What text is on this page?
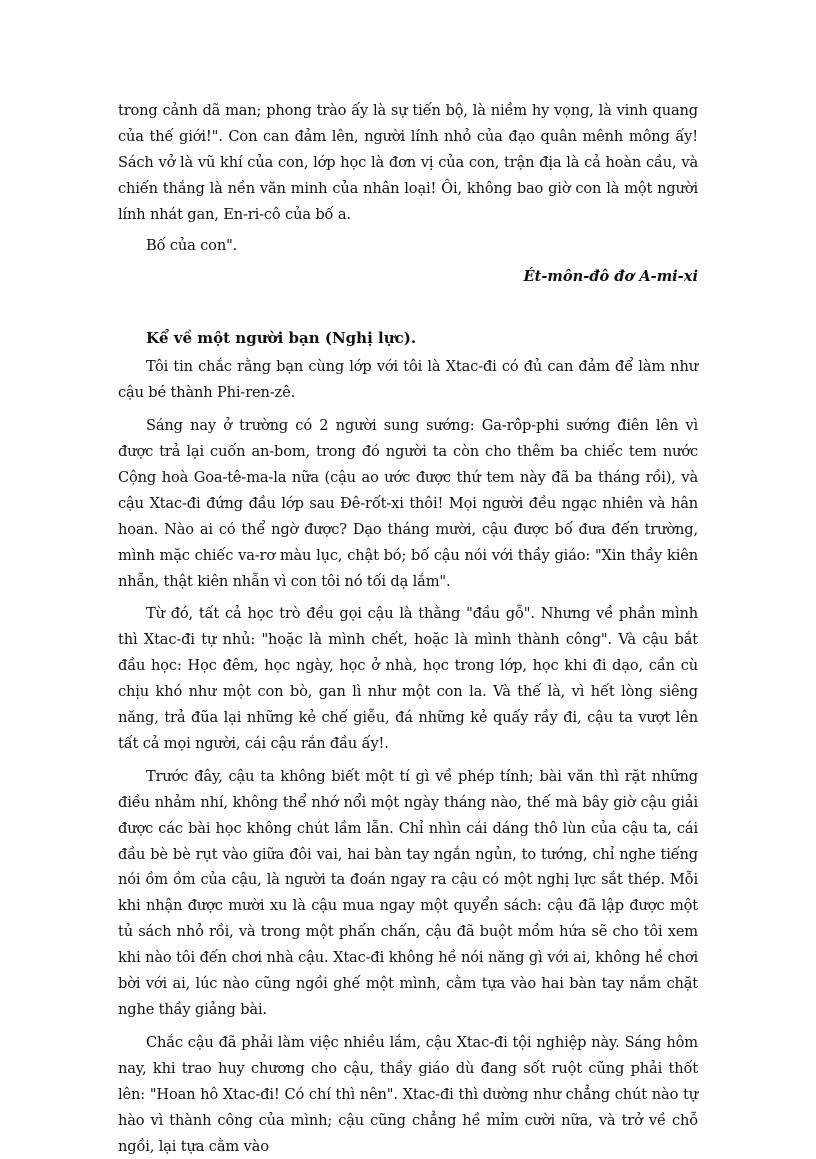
trong cảnh dã man; phong trào ấy là sự tiến bộ, là niềm hy vọng, là vinh quang của thế giới!". Con can đảm lên, người lính nhỏ của đạo quân mênh mông ấy! Sách vở là vũ khí của con, lớp học là đơn vị của con, trận địa là cả hoàn cầu, và chiến thắng là nền văn minh của nhân loại! Ôi, không bao giờ con là một người lính nhát gan, En-ri-cô của bố a.

Bố của con".

Ét-môn-đô đơ A-mi-xi
Kể về một người bạn (Nghị lực).

Tôi tin chắc rằng bạn cùng lớp với tôi là Xtac-đi có đủ can đảm để làm như cậu bé thành Phi-ren-zê.

Sáng nay ở trường có 2 người sung sướng: Ga-rôp-phi sướng điên lên vì được trả lại cuốn an-bom, trong đó người ta còn cho thêm ba chiếc tem nước Cộng hoà Goa-tê-ma-la nữa (cậu ao ước được thứ tem này đã ba tháng rồi), và cậu Xtac-đi đứng đầu lớp sau Đê-rốt-xi thôi! Mọi người đều ngạc nhiên và hân hoan. Nào ai có thể ngờ được? Dạo tháng mười, cậu được bố đưa đến trường, mình mặc chiếc va-rơ màu lục, chật bó; bố cậu nói với thầy giáo: "Xin thầy kiên nhẫn, thật kiên nhẫn vì con tôi nó tối dạ lắm".

Từ đó, tất cả học trò đều gọi cậu là thằng "đầu gỗ". Nhưng về phần mình thì Xtac-đi tự nhủ: "hoặc là mình chết, hoặc là mình thành công". Và cậu bắt đầu học: Học đêm, học ngày, học ở nhà, học trong lớp, học khi đi dạo, cần cù chịu khó như một con bò, gan lì như một con la. Và thế là, vì hết lòng siêng năng, trả đũa lại những kẻ chế giễu, đá những kẻ quấy rầy đi, cậu ta vượt lên tất cả mọi người, cái cậu rắn đầu ấy!.

Trước đây, cậu ta không biết một tí gì về phép tính; bài văn thì rặt những điều nhảm nhí, không thể nhớ nổi một ngày tháng nào, thế mà bây giờ cậu giải được các bài học không chút lầm lẫn. Chỉ nhìn cái dáng thô lùn của cậu ta, cái đầu bè bè rụt vào giữa đôi vai, hai bàn tay ngắn ngủn, to tướng, chỉ nghe tiếng nói ồm ồm của cậu, là người ta đoán ngay ra cậu có một nghị lực sắt thép. Mỗi khi nhận được mười xu là cậu mua ngay một quyển sách: cậu đã lập được một tủ sách nhỏ rồi, và trong một phấn chấn, cậu đã buột mồm hứa sẽ cho tôi xem khi nào tôi đến chơi nhà cậu. Xtac-đi không hề nói năng gì với ai, không hề chơi bời với ai, lúc nào cũng ngồi ghế một mình, cằm tựa vào hai bàn tay nắm chặt nghe thầy giảng bài.

Chắc cậu đã phải làm việc nhiều lắm, cậu Xtac-đi tội nghiệp này. Sáng hôm nay, khi trao huy chương cho cậu, thầy giáo dù đang sốt ruột cũng phải thốt lên: "Hoan hô Xtac-đi! Có chí thì nên". Xtac-đi thì dường như chẳng chút nào tự hào vì thành công của mình; cậu cũng chẳng hề mỉm cười nữa, và trở về chỗ ngồi, lại tựa cằm vào
